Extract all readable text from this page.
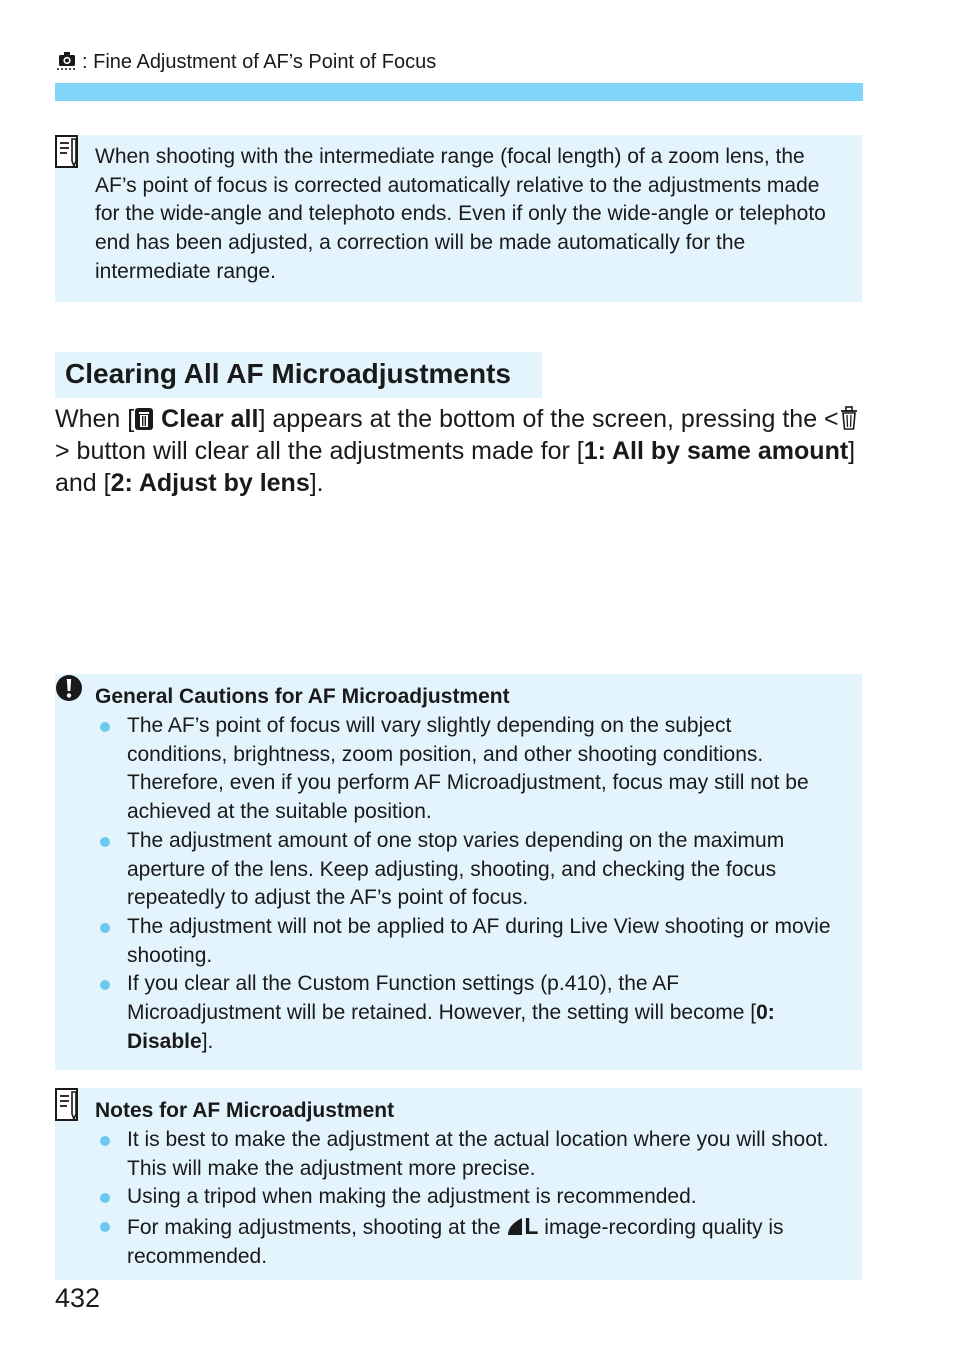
: Fine Adjustment of AF’s Point of Focus
When shooting with the intermediate range (focal length) of a zoom lens, the AF’s point of focus is corrected automatically relative to the adjustments made for the wide-angle and telephoto ends. Even if only the wide-angle or telephoto end has been adjusted, a correction will be made automatically for the intermediate range.
Clearing All AF Microadjustments
When [ Clear all] appears at the bottom of the screen, pressing the <> button will clear all the adjustments made for [1: All by same amount] and [2: Adjust by lens].
General Cautions for AF Microadjustment
The AF’s point of focus will vary slightly depending on the subject conditions, brightness, zoom position, and other shooting conditions. Therefore, even if you perform AF Microadjustment, focus may still not be achieved at the suitable position.
The adjustment amount of one stop varies depending on the maximum aperture of the lens. Keep adjusting, shooting, and checking the focus repeatedly to adjust the AF’s point of focus.
The adjustment will not be applied to AF during Live View shooting or movie shooting.
If you clear all the Custom Function settings (p.410), the AF Microadjustment will be retained. However, the setting will become [0: Disable].
Notes for AF Microadjustment
It is best to make the adjustment at the actual location where you will shoot. This will make the adjustment more precise.
Using a tripod when making the adjustment is recommended.
For making adjustments, shooting at the L image-recording quality is recommended.
432
